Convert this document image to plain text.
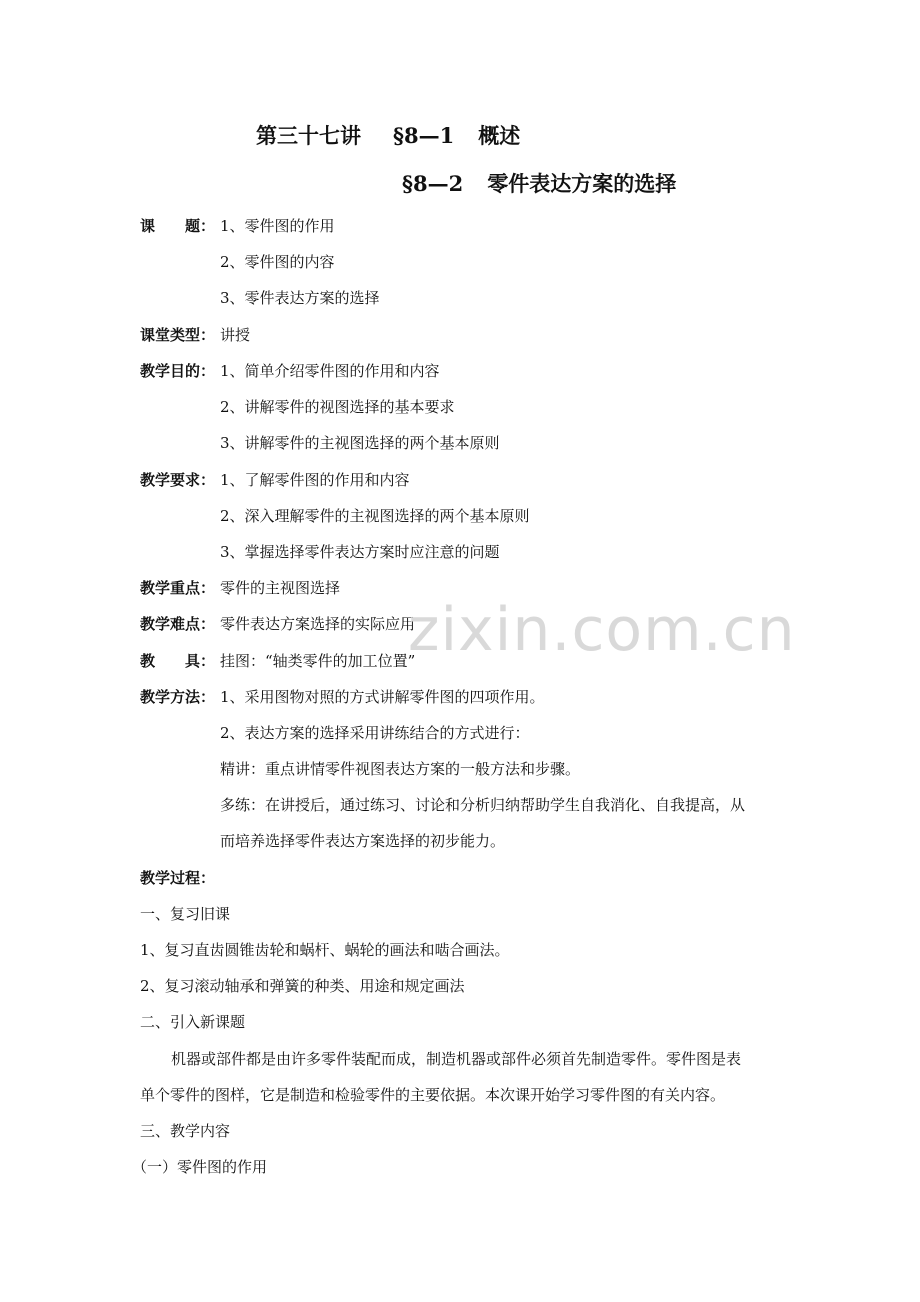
第三十七讲 §8—1 概述
§8—2 零件表达方案的选择
课　　题： 1、零件图的作用
2、零件图的内容
3、零件表达方案的选择
课堂类型： 讲授
教学目的： 1、简单介绍零件图的作用和内容
2、讲解零件的视图选择的基本要求
3、讲解零件的主视图选择的两个基本原则
教学要求： 1、了解零件图的作用和内容
2、深入理解零件的主视图选择的两个基本原则
3、掌握选择零件表达方案时应注意的问题
教学重点： 零件的主视图选择
教学难点： 零件表达方案选择的实际应用
教　　具： 挂图：“轴类零件的加工位置”
教学方法： 1、采用图物对照的方式讲解零件图的四项作用。
2、表达方案的选择采用讲练结合的方式进行：
精讲：重点讲情零件视图表达方案的一般方法和步骤。
多练：在讲授后，通过练习、讨论和分析归纳帮助学生自我消化、自我提高，从
而培养选择零件表达方案选择的初步能力。
教学过程：
一、复习旧课
1、复习直齿圆锥齿轮和蜗杆、蜗轮的画法和啮合画法。
2、复习滚动轴承和弹簧的种类、用途和规定画法
二、引入新课题
机器或部件都是由许多零件装配而成，制造机器或部件必须首先制造零件。零件图是表
单个零件的图样，它是制造和检验零件的主要依据。本次课开始学习零件图的有关内容。
三、教学内容
（一）零件图的作用
zixin.com.cn
